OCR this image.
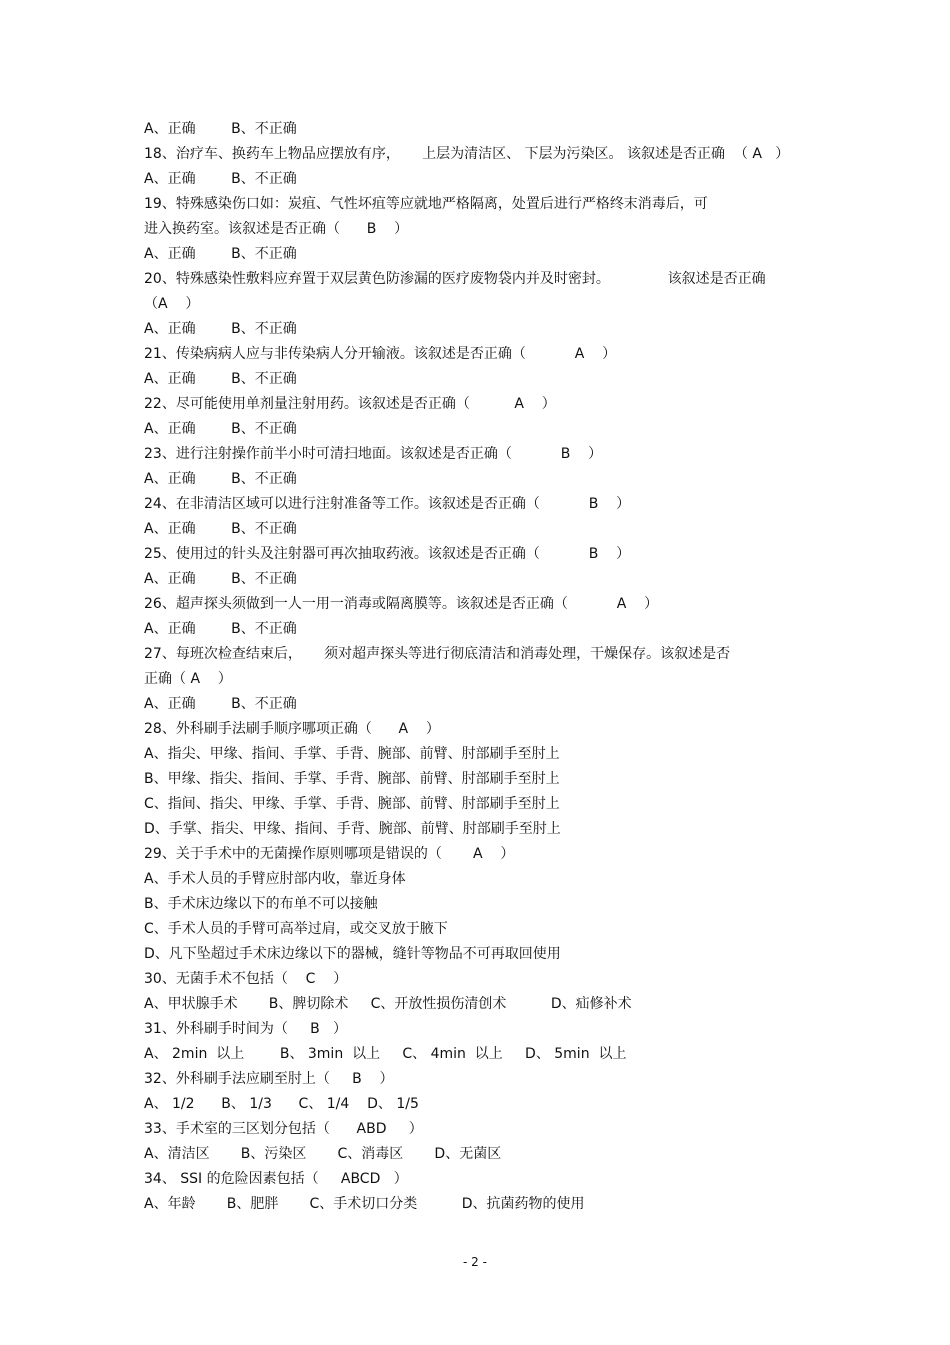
A、正确        B、不正确
18、治疗车、换药车上物品应摆放有序，     上层为清洁区、 下层为污染区。 该叙述是否正确  （ A   ）
A、正确        B、不正确
19、特殊感染伤口如：炭疽、气性坏疽等应就地严格隔离，处置后进行严格终末消毒后，可
进入换药室。该叙述是否正确（      B    ）
A、正确        B、不正确
20、特殊感染性敷料应弃置于双层黄色防渗漏的医疗废物袋内并及时密封。             该叙述是否正确
（A    ）
A、正确        B、不正确
21、传染病病人应与非传染病人分开输液。该叙述是否正确（           A    ）
A、正确        B、不正确
22、尽可能使用单剂量注射用药。该叙述是否正确（          A    ）
A、正确        B、不正确
23、进行注射操作前半小时可清扫地面。该叙述是否正确（           B    ）
A、正确        B、不正确
24、在非清洁区域可以进行注射准备等工作。该叙述是否正确（           B    ）
A、正确        B、不正确
25、使用过的针头及注射器可再次抽取药液。该叙述是否正确（           B    ）
A、正确        B、不正确
26、超声探头须做到一人一用一消毒或隔离膜等。该叙述是否正确（           A    ）
A、正确        B、不正确
27、每班次检查结束后，     须对超声探头等进行彻底清洁和消毒处理，干燥保存。该叙述是否
正确（ A    ）
A、正确        B、不正确
28、外科刷手法刷手顺序哪项正确（      A    ）
A、指尖、甲缘、指间、手掌、手背、腕部、前臂、肘部刷手至肘上
B、甲缘、指尖、指间、手掌、手背、腕部、前臂、肘部刷手至肘上
C、指间、指尖、甲缘、手掌、手背、腕部、前臂、肘部刷手至肘上
D、手掌、指尖、甲缘、指间、手背、腕部、前臂、肘部刷手至肘上
29、关于手术中的无菌操作原则哪项是错误的（       A    ）
A、手术人员的手臂应肘部内收，靠近身体
B、手术床边缘以下的布单不可以接触
C、手术人员的手臂可高举过肩，或交叉放于腋下
D、凡下坠超过手术床边缘以下的器械，缝针等物品不可再取回使用
30、无菌手术不包括（    C    ）
A、甲状腺手术       B、脾切除术     C、开放性损伤清创术          D、疝修补术
31、外科刷手时间为（     B   ）
A、 2min  以上        B、 3min  以上     C、 4min  以上     D、 5min  以上
32、外科刷手法应刷至肘上（     B    ）
A、 1/2      B、 1/3      C、 1/4    D、 1/5
33、手术室的三区划分包括（      ABD     ）
A、清洁区       B、污染区       C、消毒区       D、无菌区
34、 SSI 的危险因素包括（     ABCD   ）
A、年龄       B、肥胖       C、手术切口分类          D、抗菌药物的使用
- 2 -
